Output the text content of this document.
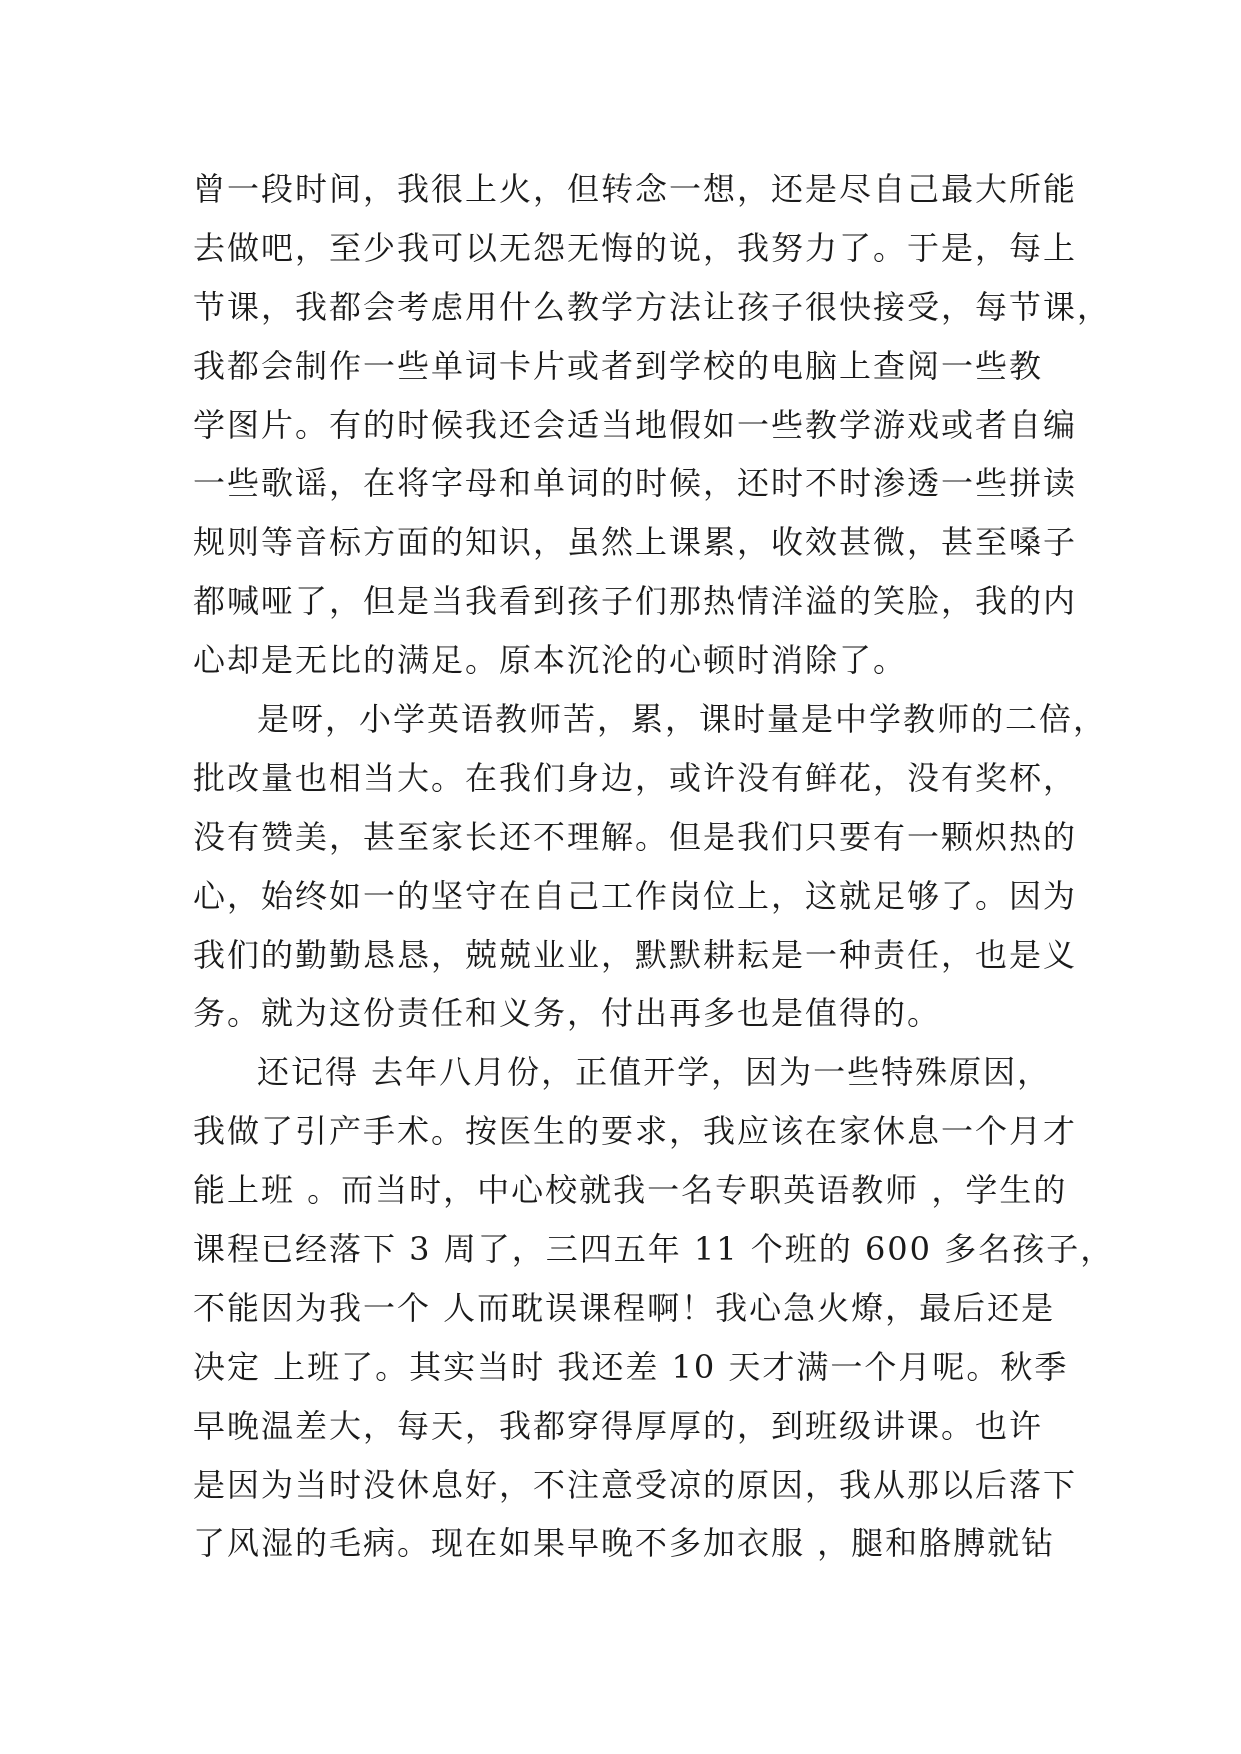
曾一段时间，我很上火，但转念一想，还是尽自己最大所能
去做吧，至少我可以无怨无悔的说，我努力了。于是，每上
节课，我都会考虑用什么教学方法让孩子很快接受，每节课，
我都会制作一些单词卡片或者到学校的电脑上查阅一些教
学图片。有的时候我还会适当地假如一些教学游戏或者自编
一些歌谣，在将字母和单词的时候，还时不时渗透一些拼读
规则等音标方面的知识，虽然上课累，收效甚微，甚至嗓子
都喊哑了，但是当我看到孩子们那热情洋溢的笑脸，我的内
心却是无比的满足。原本沉沦的心顿时消除了。
是呀，小学英语教师苦，累，课时量是中学教师的二倍，
批改量也相当大。在我们身边，或许没有鲜花，没有奖杯，
没有赞美，甚至家长还不理解。但是我们只要有一颗炽热的
心，始终如一的坚守在自己工作岗位上，这就足够了。因为
我们的勤勤恳恳，兢兢业业，默默耕耘是一种责任，也是义
务。就为这份责任和义务，付出再多也是值得的。
还记得 去年八月份，正值开学，因为一些特殊原因，
我做了引产手术。按医生的要求，我应该在家休息一个月才
能上班 。而当时，中心校就我一名专职英语教师 ，学生的
课程已经落下 3 周了，三四五年 11 个班的 600 多名孩子，
不能因为我一个 人而耽误课程啊！我心急火燎，最后还是
决定 上班了。其实当时 我还差 10 天才满一个月呢。秋季
早晚温差大，每天，我都穿得厚厚的，到班级讲课。也许
是因为当时没休息好，不注意受凉的原因，我从那以后落下
了风湿的毛病。现在如果早晚不多加衣服 ，腿和胳膊就钻
